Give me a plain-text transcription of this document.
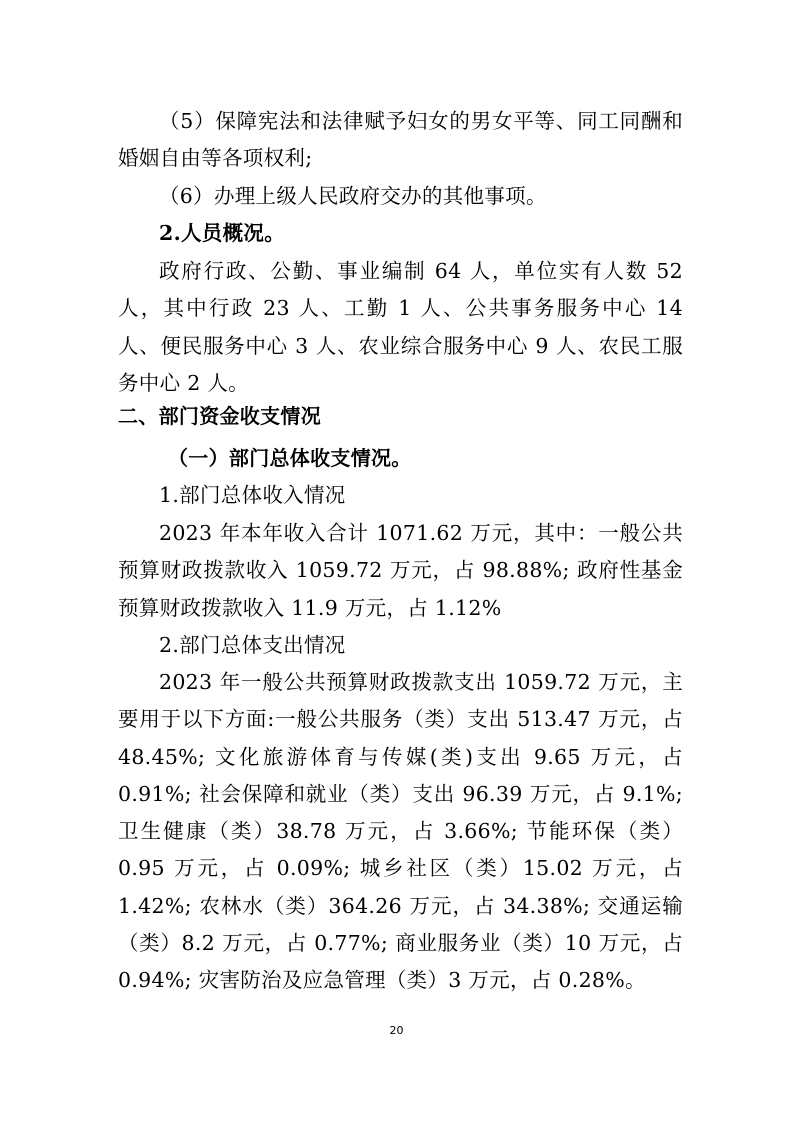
（5）保障宪法和法律赋予妇女的男女平等、同工同酬和婚姻自由等各项权利;

（6）办理上级人民政府交办的其他事项。

2.人员概况。

政府行政、公勤、事业编制 64 人，单位实有人数 52 人，其中行政 23 人、工勤 1 人、公共事务服务中心 14 人、便民服务中心 3 人、农业综合服务中心 9 人、农民工服务中心 2 人。

二、部门资金收支情况

（一）部门总体收支情况。

1.部门总体收入情况

2023 年本年收入合计 1071.62 万元，其中：一般公共预算财政拨款收入 1059.72 万元，占 98.88%; 政府性基金预算财政拨款收入 11.9 万元，占 1.12%

2.部门总体支出情况

2023 年一般公共预算财政拨款支出 1059.72 万元，主要用于以下方面:一般公共服务（类）支出 513.47 万元，占 48.45%; 文化旅游体育与传媒(类)支出 9.65 万元，占 0.91%; 社会保障和就业（类）支出 96.39 万元，占 9.1%; 卫生健康（类）38.78 万元，占 3.66%; 节能环保（类）0.95 万元，占 0.09%; 城乡社区（类）15.02 万元，占 1.42%; 农林水（类）364.26 万元，占 34.38%; 交通运输（类）8.2 万元，占 0.77%; 商业服务业（类）10 万元，占 0.94%; 灾害防治及应急管理（类）3 万元，占 0.28%。

20
